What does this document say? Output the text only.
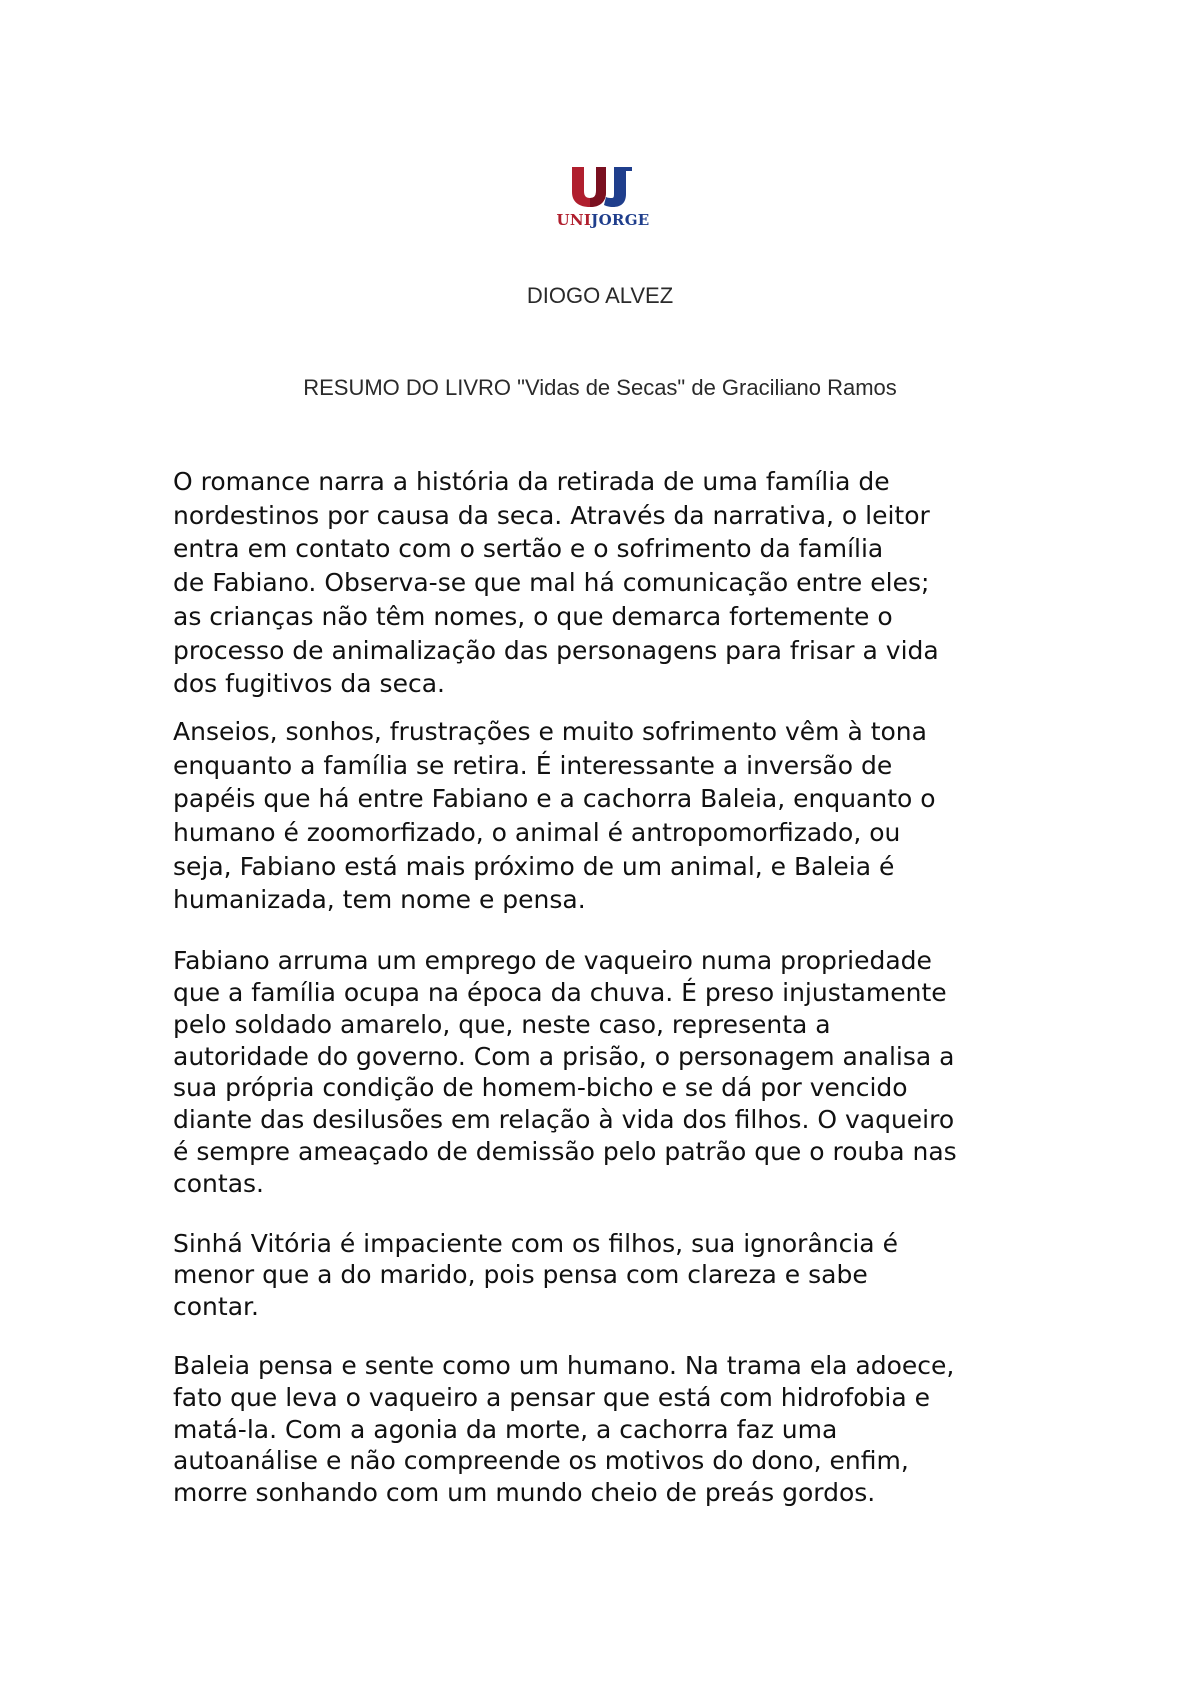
UNIJORGE
DIOGO ALVEZ
RESUMO DO LIVRO "Vidas de Secas" de Graciliano Ramos

O romance narra a história da retirada de uma família de
nordestinos por causa da seca. Através da narrativa, o leitor
entra em contato com o sertão e o sofrimento da família
de Fabiano. Observa-se que mal há comunicação entre eles;
as crianças não têm nomes, o que demarca fortemente o
processo de animalização das personagens para frisar a vida
dos fugitivos da seca.

Anseios, sonhos, frustrações e muito sofrimento vêm à tona
enquanto a família se retira. É interessante a inversão de
papéis que há entre Fabiano e a cachorra Baleia, enquanto o
humano é zoomorfizado, o animal é antropomorfizado, ou
seja, Fabiano está mais próximo de um animal, e Baleia é
humanizada, tem nome e pensa.

Fabiano arruma um emprego de vaqueiro numa propriedade
que a família ocupa na época da chuva. É preso injustamente
pelo soldado amarelo, que, neste caso, representa a
autoridade do governo. Com a prisão, o personagem analisa a
sua própria condição de homem-bicho e se dá por vencido
diante das desilusões em relação à vida dos filhos. O vaqueiro
é sempre ameaçado de demissão pelo patrão que o rouba nas
contas.

Sinhá Vitória é impaciente com os filhos, sua ignorância é
menor que a do marido, pois pensa com clareza e sabe
contar.

Baleia pensa e sente como um humano. Na trama ela adoece,
fato que leva o vaqueiro a pensar que está com hidrofobia e
matá-la. Com a agonia da morte, a cachorra faz uma
autoanálise e não compreende os motivos do dono, enfim,
morre sonhando com um mundo cheio de preás gordos.
